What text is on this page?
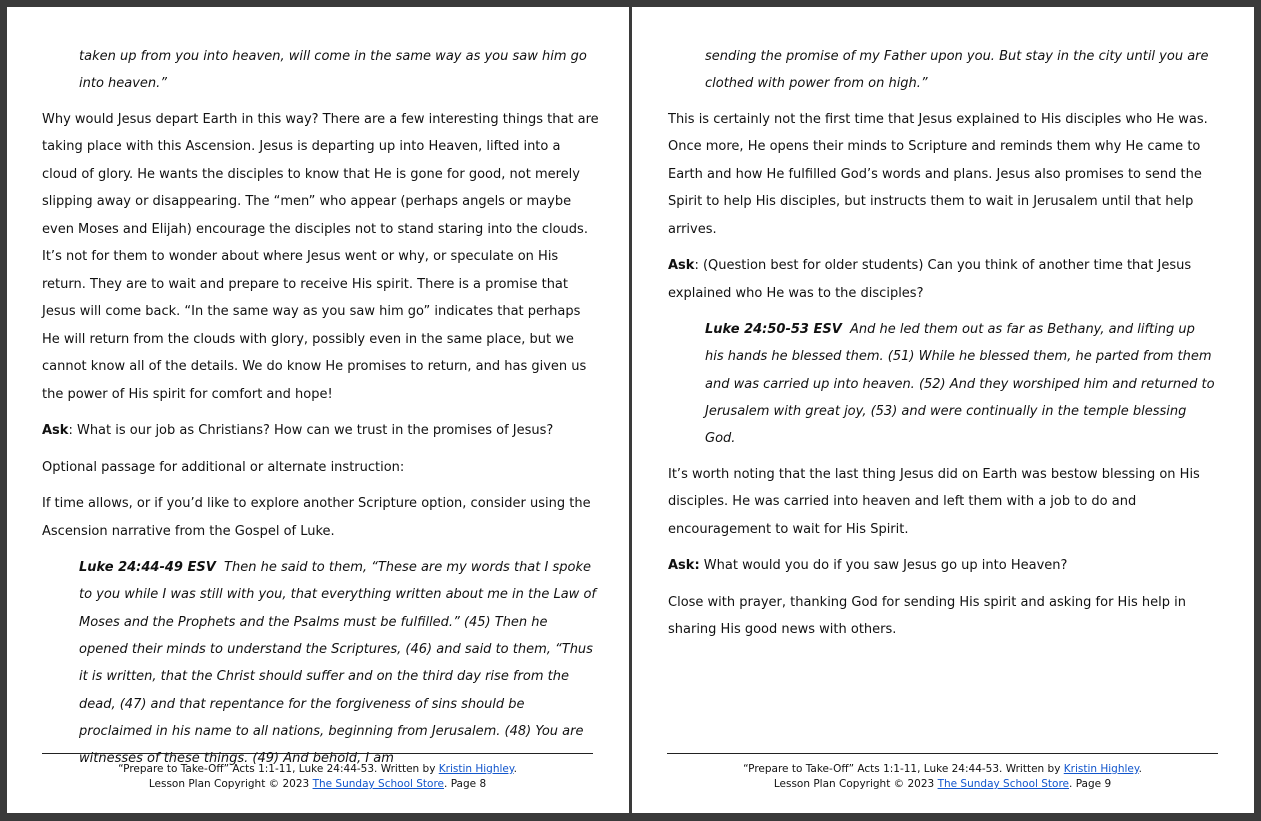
taken up from you into heaven, will come in the same way as you saw him go into heaven.”

Why would Jesus depart Earth in this way? There are a few interesting things that are taking place with this Ascension. Jesus is departing up into Heaven, lifted into a cloud of glory. He wants the disciples to know that He is gone for good, not merely slipping away or disappearing. The “men” who appear (perhaps angels or maybe even Moses and Elijah) encourage the disciples not to stand staring into the clouds. It’s not for them to wonder about where Jesus went or why, or speculate on His return. They are to wait and prepare to receive His spirit. There is a promise that Jesus will come back. “In the same way as you saw him go” indicates that perhaps He will return from the clouds with glory, possibly even in the same place, but we cannot know all of the details. We do know He promises to return, and has given us the power of His spirit for comfort and hope!

Ask: What is our job as Christians? How can we trust in the promises of Jesus?

Optional passage for additional or alternate instruction:

If time allows, or if you’d like to explore another Scripture option, consider using the Ascension narrative from the Gospel of Luke.

Luke 24:44-49 ESV Then he said to them, “These are my words that I spoke to you while I was still with you, that everything written about me in the Law of Moses and the Prophets and the Psalms must be fulfilled.” (45) Then he opened their minds to understand the Scriptures, (46) and said to them, “Thus it is written, that the Christ should suffer and on the third day rise from the dead, (47) and that repentance for the forgiveness of sins should be proclaimed in his name to all nations, beginning from Jerusalem. (48) You are witnesses of these things. (49) And behold, I am

“Prepare to Take-Off” Acts 1:1-11, Luke 24:44-53. Written by Kristin Highley.
Lesson Plan Copyright © 2023 The Sunday School Store. Page 8

sending the promise of my Father upon you. But stay in the city until you are clothed with power from on high.”

This is certainly not the first time that Jesus explained to His disciples who He was. Once more, He opens their minds to Scripture and reminds them why He came to Earth and how He fulfilled God’s words and plans. Jesus also promises to send the Spirit to help His disciples, but instructs them to wait in Jerusalem until that help arrives.

Ask: (Question best for older students) Can you think of another time that Jesus explained who He was to the disciples?

Luke 24:50-53 ESV And he led them out as far as Bethany, and lifting up his hands he blessed them. (51) While he blessed them, he parted from them and was carried up into heaven. (52) And they worshiped him and returned to Jerusalem with great joy, (53) and were continually in the temple blessing God.

It’s worth noting that the last thing Jesus did on Earth was bestow blessing on His disciples. He was carried into heaven and left them with a job to do and encouragement to wait for His Spirit.

Ask: What would you do if you saw Jesus go up into Heaven?

Close with prayer, thanking God for sending His spirit and asking for His help in sharing His good news with others.

“Prepare to Take-Off” Acts 1:1-11, Luke 24:44-53. Written by Kristin Highley.
Lesson Plan Copyright © 2023 The Sunday School Store. Page 9
